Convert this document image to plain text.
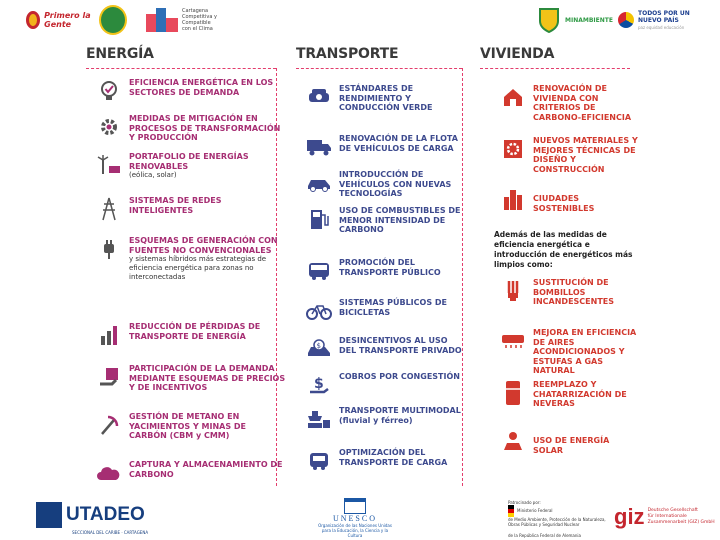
Primero la Gente
Cartagena
Competitiva y
Compatible
con el Clima
MINAMBIENTE
TODOS POR UN
NUEVO PAÍS
paz equidad educación
ENERGÍA	TRANSPORTE	VIVIENDA
EFICIENCIA ENERGÉTICA EN LOS SECTORES DE DEMANDA
MEDIDAS DE MITIGACIÓN EN PROCESOS DE TRANSFORMACIÓN Y PRODUCCIÓN
PORTAFOLIO DE ENERGÍAS RENOVABLES
(eólica, solar)
SISTEMAS DE REDES INTELIGENTES
ESQUEMAS DE GENERACIÓN CON FUENTES NO CONVENCIONALES
y sistemas híbridos más estrategias de eficiencia energética para zonas no interconectadas
REDUCCIÓN DE PÉRDIDAS DE TRANSPORTE DE ENERGÍA
PARTICIPACIÓN DE LA DEMANDA MEDIANTE ESQUEMAS DE PRECIOS Y DE INCENTIVOS
GESTIÓN DE METANO EN YACIMIENTOS Y MINAS DE CARBÓN (CBM y CMM)
CAPTURA Y ALMACENAMIENTO DE CARBONO
ESTÁNDARES DE RENDIMIENTO Y CONDUCCIÓN VERDE
RENOVACIÓN DE LA FLOTA DE VEHÍCULOS DE CARGA
INTRODUCCIÓN DE VEHÍCULOS CON NUEVAS TECNOLOGÍAS
USO DE COMBUSTIBLES DE MENOR INTENSIDAD DE CARBONO
PROMOCIÓN DEL TRANSPORTE PÚBLICO
SISTEMAS PÚBLICOS DE BICICLETAS
$
DESINCENTIVOS AL USO DEL TRANSPORTE PRIVADO
$ COBROS POR CONGESTIÓN
TRANSPORTE MULTIMODAL
(fluvial y férreo)
OPTIMIZACIÓN DEL TRANSPORTE DE CARGA
RENOVACIÓN DE VIVIENDA CON CRITERIOS DE CARBONO-EFICIENCIA
NUEVOS MATERIALES Y MEJORES TÉCNICAS DE DISEÑO Y CONSTRUCCIÓN
CIUDADES SOSTENIBLES
Además de las medidas de eficiencia energética e introducción de energéticos más limpios como:
SUSTITUCIÓN DE BOMBILLOS INCANDESCENTES
MEJORA EN EFICIENCIA DE AIRES ACONDICIONADOS Y ESTUFAS A GAS NATURAL
REEMPLAZO Y CHATARRIZACIÓN DE NEVERAS
USO DE ENERGÍA SOLAR
UTADEO
SECCIONAL DEL CARIBE · CARTAGENA
UNESCO
Organización de las Naciones Unidas para la Educación, la Ciencia y la Cultura
Patrocinado por:
Ministerio Federal
de Medio Ambiente, Protección de la Naturaleza,
Obras Públicas y Seguridad Nuclear
de la República Federal de Alemania
giz Deutsche Gesellschaft
für Internationale
Zusammenarbeit (GIZ) GmbH
